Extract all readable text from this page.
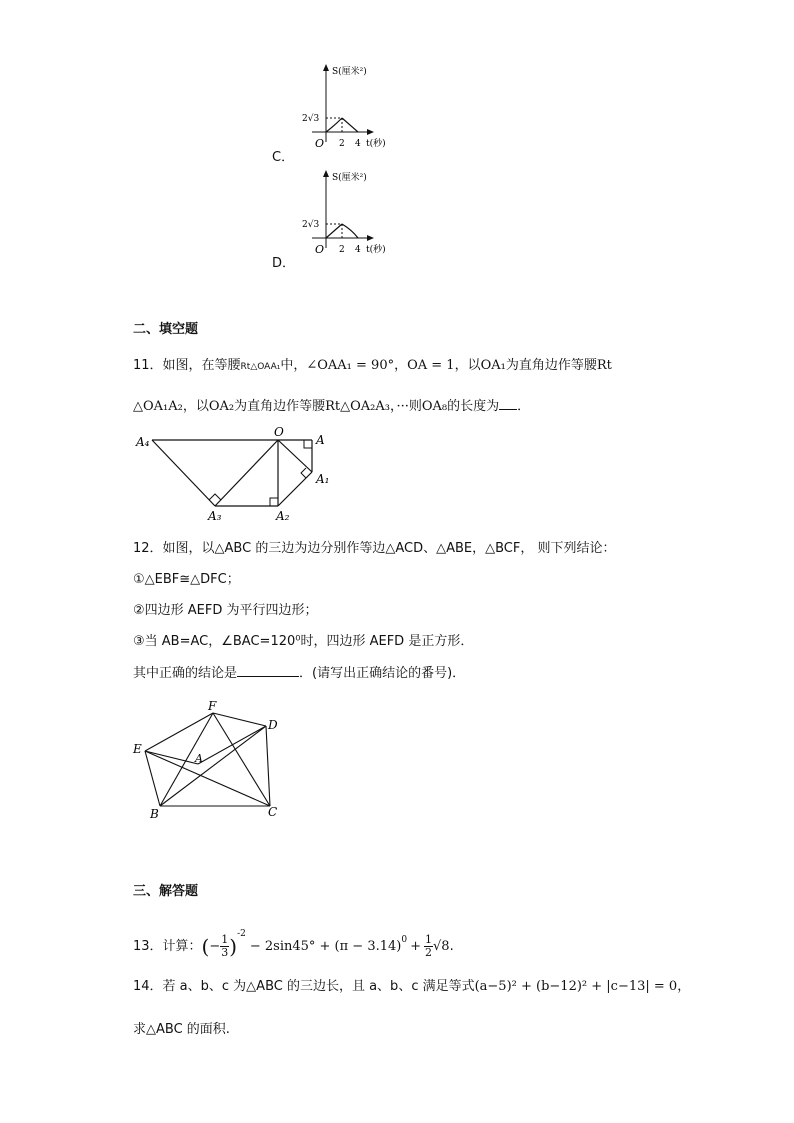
C．
S(厘米²)
2√3
O 2 4 t(秒)
D．
S(厘米²)
2√3
O 2 4 t(秒)
二、填空题
11．如图，在等腰Rt△OAA₁中，∠OAA₁ = 90°，OA = 1，以OA₁为直角边作等腰Rt
△OA₁A₂，以OA₂为直角边作等腰Rt△OA₂A₃，···则OA₈的长度为 ．
A₄
O
A
A₁
A₃	A₂
12．如图，以△ABC 的三边为边分别作等边△ACD、△ABE，△BCF， 则下列结论：
①△EBF≅△DFC；
②四边形 AEFD 为平行四边形；
③当 AB=AC，∠BAC=120⁰时，四边形 AEFD 是正方形．
其中正确的结论是	．(请写出正确结论的番号)．
F
D
E
A
B	C
三、解答题
13．计算：(− $\frac{1}{3} )^{-2}- 2\sin 45^\circ + (\pi - 3.14)^0 + \frac{1}{2} √8$.
14．若 a、b、c 为△ABC 的三边长，且 a、b、c 满足等式(a−5)² + (b−12)² + |c−13| = 0，
求△ABC 的面积.
